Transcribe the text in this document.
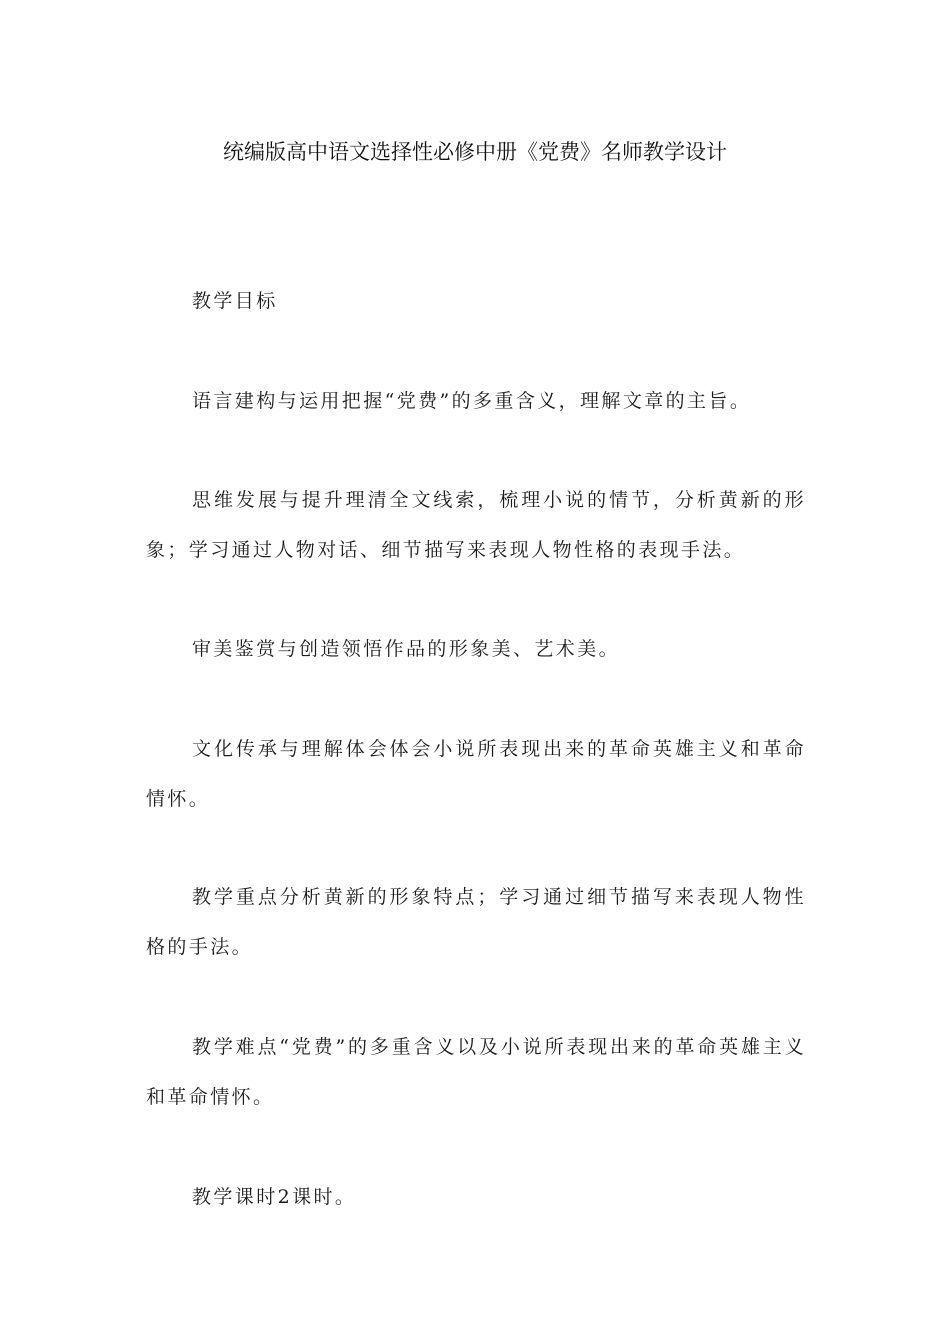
统编版高中语文选择性必修中册《党费》名师教学设计

教学目标

语言建构与运用把握“党费”的多重含义，理解文章的主旨。

思维发展与提升理清全文线索，梳理小说的情节，分析黄新的形象；学习通过人物对话、细节描写来表现人物性格的表现手法。

审美鉴赏与创造领悟作品的形象美、艺术美。

文化传承与理解体会体会小说所表现出来的革命英雄主义和革命情怀。

教学重点分析黄新的形象特点；学习通过细节描写来表现人物性格的手法。

教学难点“党费”的多重含义以及小说所表现出来的革命英雄主义和革命情怀。

教学课时2课时。
